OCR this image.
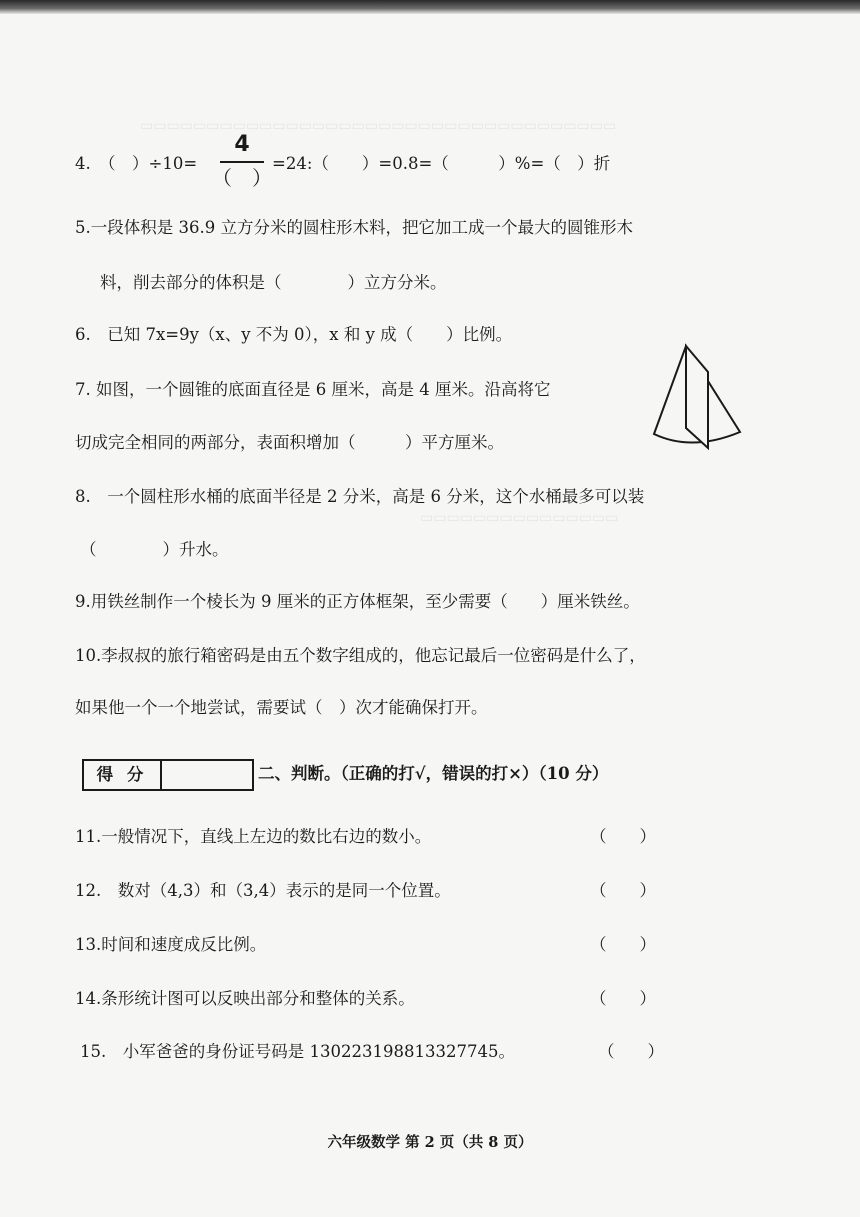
▭▭▭▭▭▭▭▭▭▭▭▭▭▭▭▭▭▭▭▭▭▭▭▭▭▭▭▭▭▭▭▭▭▭▭▭
▭▭▭▭▭▭▭▭▭▭▭▭▭▭▭
4.　（　）÷10=
4
（　）
=24:（　　）=0.8=（　　　）%=（　）折
5.一段体积是 36.9 立方分米的圆柱形木料，把它加工成一个最大的圆锥形木
料，削去部分的体积是（　　　　）立方分米。
6.　已知 7x=9y（x、y 不为 0），x 和 y 成（　　）比例。
7. 如图，一个圆锥的底面直径是 6 厘米，高是 4 厘米。沿高将它
切成完全相同的两部分，表面积增加（　　　）平方厘米。
8.　一个圆柱形水桶的底面半径是 2 分米，高是 6 分米，这个水桶最多可以装
（　　　　）升水。
9.用铁丝制作一个棱长为 9 厘米的正方体框架，至少需要（　　）厘米铁丝。
10.李叔叔的旅行箱密码是由五个数字组成的，他忘记最后一位密码是什么了，
如果他一个一个地尝试，需要试（　）次才能确保打开。
得 分	二、判断。（正确的打√，错误的打×）（10 分）
11.一般情况下，直线上左边的数比右边的数小。	（　　）
12.　数对（4,3）和（3,4）表示的是同一个位置。	（　　）
13.时间和速度成反比例。	（　　）
14.条形统计图可以反映出部分和整体的关系。	（　　）
15.　小军爸爸的身份证号码是 130223198813327745。	（　　）
六年级数学 第 2 页（共 8 页）
